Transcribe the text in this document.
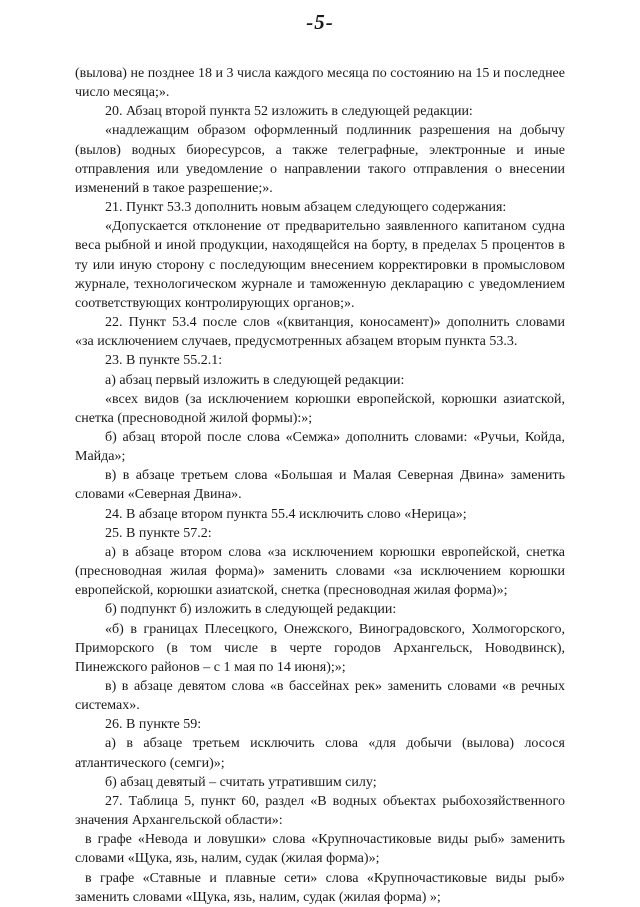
-5-

(вылова) не позднее 18 и 3 числа каждого месяца по состоянию на 15 и последнее число месяца;».

20. Абзац второй пункта 52 изложить в следующей редакции:

«надлежащим образом оформленный подлинник разрешения на добычу (вылов) водных биоресурсов, а также телеграфные, электронные и иные отправления или уведомление о направлении такого отправления о внесении изменений в такое разрешение;».

21. Пункт 53.3 дополнить новым абзацем следующего содержания:

«Допускается отклонение от предварительно заявленного капитаном судна веса рыбной и иной продукции, находящейся на борту, в пределах 5 процентов в ту или иную сторону с последующим внесением корректировки в промысловом журнале, технологическом журнале и таможенную декларацию с уведомлением соответствующих контролирующих органов;».

22. Пункт 53.4 после слов «(квитанция, коносамент)» дополнить словами «за исключением случаев, предусмотренных абзацем вторым пункта 53.3.

23. В пункте 55.2.1:

а) абзац первый изложить в следующей редакции:

«всех видов (за исключением корюшки европейской, корюшки азиатской, снетка (пресноводной жилой формы):»;

б) абзац второй после слова «Семжа» дополнить словами: «Ручьи, Койда, Майда»;

в) в абзаце третьем слова «Большая и Малая Северная Двина» заменить словами «Северная Двина».

24. В абзаце втором пункта 55.4 исключить слово «Нерица»;

25. В пункте 57.2:

а) в абзаце втором слова «за исключением корюшки европейской, снетка (пресноводная жилая форма)» заменить словами «за исключением корюшки европейской, корюшки азиатской, снетка (пресноводная жилая форма)»;

б) подпункт б) изложить в следующей редакции:

«б) в границах Плесецкого, Онежского, Виноградовского, Холмогорского, Приморского (в том числе в черте городов Архангельск, Новодвинск), Пинежского районов – с 1 мая по 14 июня);»;

в) в абзаце девятом слова «в бассейнах рек» заменить словами «в речных системах».

26. В пункте 59:

а) в абзаце третьем исключить слова «для добычи (вылова) лосося атлантического (семги)»;

б) абзац девятый – считать утратившим силу;

27. Таблица 5, пункт 60, раздел «В водных объектах рыбохозяйственного значения Архангельской области»:

в графе «Невода и ловушки» слова «Крупночастиковые виды рыб» заменить словами «Щука, язь, налим, судак (жилая форма)»;

в графе «Ставные и плавные сети» слова «Крупночастиковые виды рыб» заменить словами «Щука, язь, налим, судак (жилая форма) »;
